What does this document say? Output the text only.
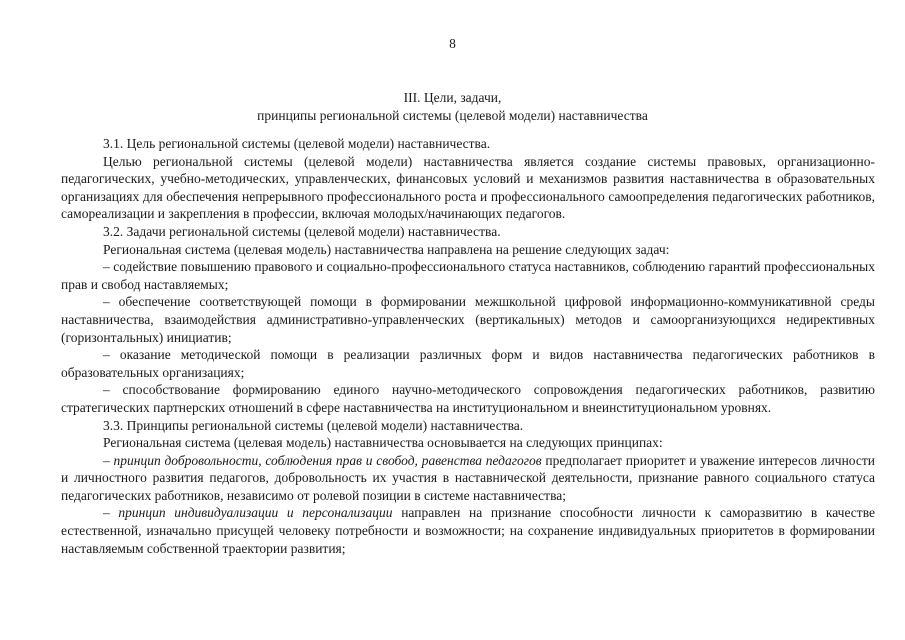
8
III. Цели, задачи,
принципы региональной системы (целевой модели) наставничества

3.1. Цель региональной системы (целевой модели) наставничества.

Целью региональной системы (целевой модели) наставничества является создание системы правовых, организационно-педагогических, учебно-методических, управленческих, финансовых условий и механизмов развития наставничества в образовательных организациях для обеспечения непрерывного профессионального роста и профессионального самоопределения педагогических работников, самореализации и закрепления в профессии, включая молодых/начинающих педагогов.

3.2. Задачи региональной системы (целевой модели) наставничества.

Региональная система (целевая модель) наставничества направлена на решение следующих задач:

– содействие повышению правового и социально-профессионального статуса наставников, соблюдению гарантий профессиональных прав и свобод наставляемых;

– обеспечение соответствующей помощи в формировании межшкольной цифровой информационно-коммуникативной среды наставничества, взаимодействия административно-управленческих (вертикальных) методов и самоорганизующихся недирективных (горизонтальных) инициатив;

– оказание методической помощи в реализации различных форм и видов наставничества педагогических работников в образовательных организациях;

– способствование формированию единого научно-методического сопровождения педагогических работников, развитию стратегических партнерских отношений в сфере наставничества на институциональном и внеинституциональном уровнях.

3.3. Принципы региональной системы (целевой модели) наставничества.

Региональная система (целевая модель) наставничества основывается на следующих принципах:

– принцип добровольности, соблюдения прав и свобод, равенства педагогов предполагает приоритет и уважение интересов личности и личностного развития педагогов, добровольность их участия в наставнической деятельности, признание равного социального статуса педагогических работников, независимо от ролевой позиции в системе наставничества;

– принцип индивидуализации и персонализации направлен на признание способности личности к саморазвитию в качестве естественной, изначально присущей человеку потребности и возможности; на сохранение индивидуальных приоритетов в формировании наставляемым собственной траектории развития;
